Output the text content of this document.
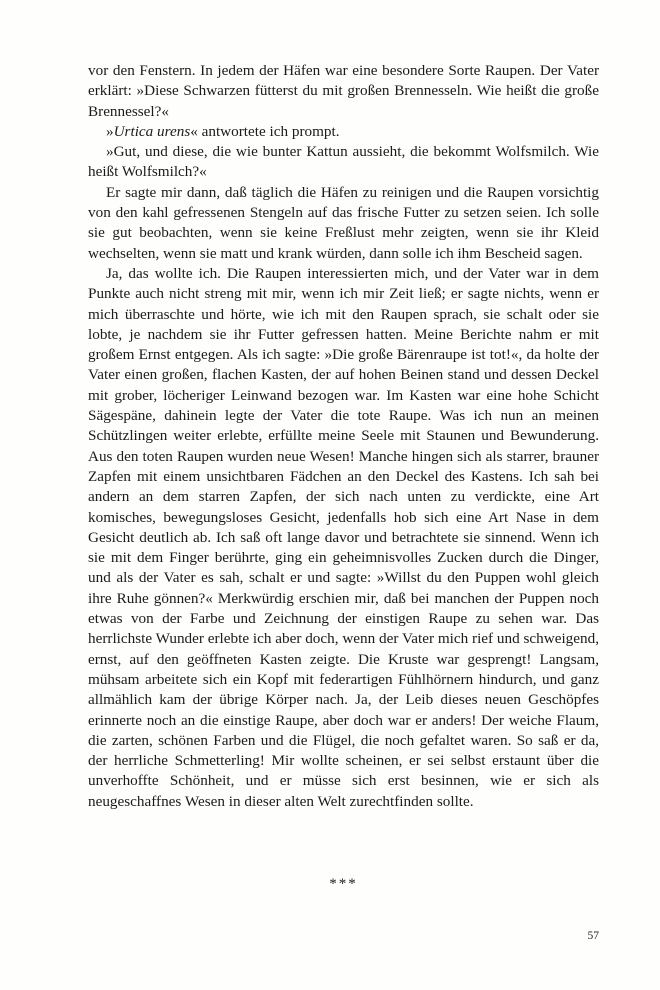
vor den Fenstern. In jedem der Häfen war eine besondere Sorte Raupen. Der Vater erklärt: »Diese Schwarzen fütterst du mit großen Brennesseln. Wie heißt die große Brennessel?«

»Urtica urens« antwortete ich prompt.

»Gut, und diese, die wie bunter Kattun aussieht, die bekommt Wolfsmilch. Wie heißt Wolfsmilch?«

Er sagte mir dann, daß täglich die Häfen zu reinigen und die Raupen vorsichtig von den kahl gefressenen Stengeln auf das frische Futter zu setzen seien. Ich solle sie gut beobachten, wenn sie keine Freßlust mehr zeigten, wenn sie ihr Kleid wechselten, wenn sie matt und krank würden, dann solle ich ihm Bescheid sagen.

Ja, das wollte ich. Die Raupen interessierten mich, und der Vater war in dem Punkte auch nicht streng mit mir, wenn ich mir Zeit ließ; er sagte nichts, wenn er mich überraschte und hörte, wie ich mit den Raupen sprach, sie schalt oder sie lobte, je nachdem sie ihr Futter gefressen hatten. Meine Berichte nahm er mit großem Ernst entgegen. Als ich sagte: »Die große Bärenraupe ist tot!«, da holte der Vater einen großen, flachen Kasten, der auf hohen Beinen stand und dessen Deckel mit grober, löcheriger Leinwand bezogen war. Im Kasten war eine hohe Schicht Sägespäne, dahinein legte der Vater die tote Raupe. Was ich nun an meinen Schützlingen weiter erlebte, erfüllte meine Seele mit Staunen und Bewunderung. Aus den toten Raupen wurden neue Wesen! Manche hingen sich als starrer, brauner Zapfen mit einem unsichtbaren Fädchen an den Deckel des Kastens. Ich sah bei andern an dem starren Zapfen, der sich nach unten zu verdickte, eine Art komisches, bewegungsloses Gesicht, jedenfalls hob sich eine Art Nase in dem Gesicht deutlich ab. Ich saß oft lange davor und betrachtete sie sinnend. Wenn ich sie mit dem Finger berührte, ging ein geheimnisvolles Zucken durch die Dinger, und als der Vater es sah, schalt er und sagte: »Willst du den Puppen wohl gleich ihre Ruhe gönnen?« Merkwürdig erschien mir, daß bei manchen der Puppen noch etwas von der Farbe und Zeichnung der einstigen Raupe zu sehen war. Das herrlichste Wunder erlebte ich aber doch, wenn der Vater mich rief und schweigend, ernst, auf den geöffneten Kasten zeigte. Die Kruste war gesprengt! Langsam, mühsam arbeitete sich ein Kopf mit federartigen Fühlhörnern hindurch, und ganz allmählich kam der übrige Körper nach. Ja, der Leib dieses neuen Geschöpfes erinnerte noch an die einstige Raupe, aber doch war er anders! Der weiche Flaum, die zarten, schönen Farben und die Flügel, die noch gefaltet waren. So saß er da, der herrliche Schmetterling! Mir wollte scheinen, er sei selbst erstaunt über die unverhoffte Schönheit, und er müsse sich erst besinnen, wie er sich als neugeschaffnes Wesen in dieser alten Welt zurechtfinden sollte.

***
57
